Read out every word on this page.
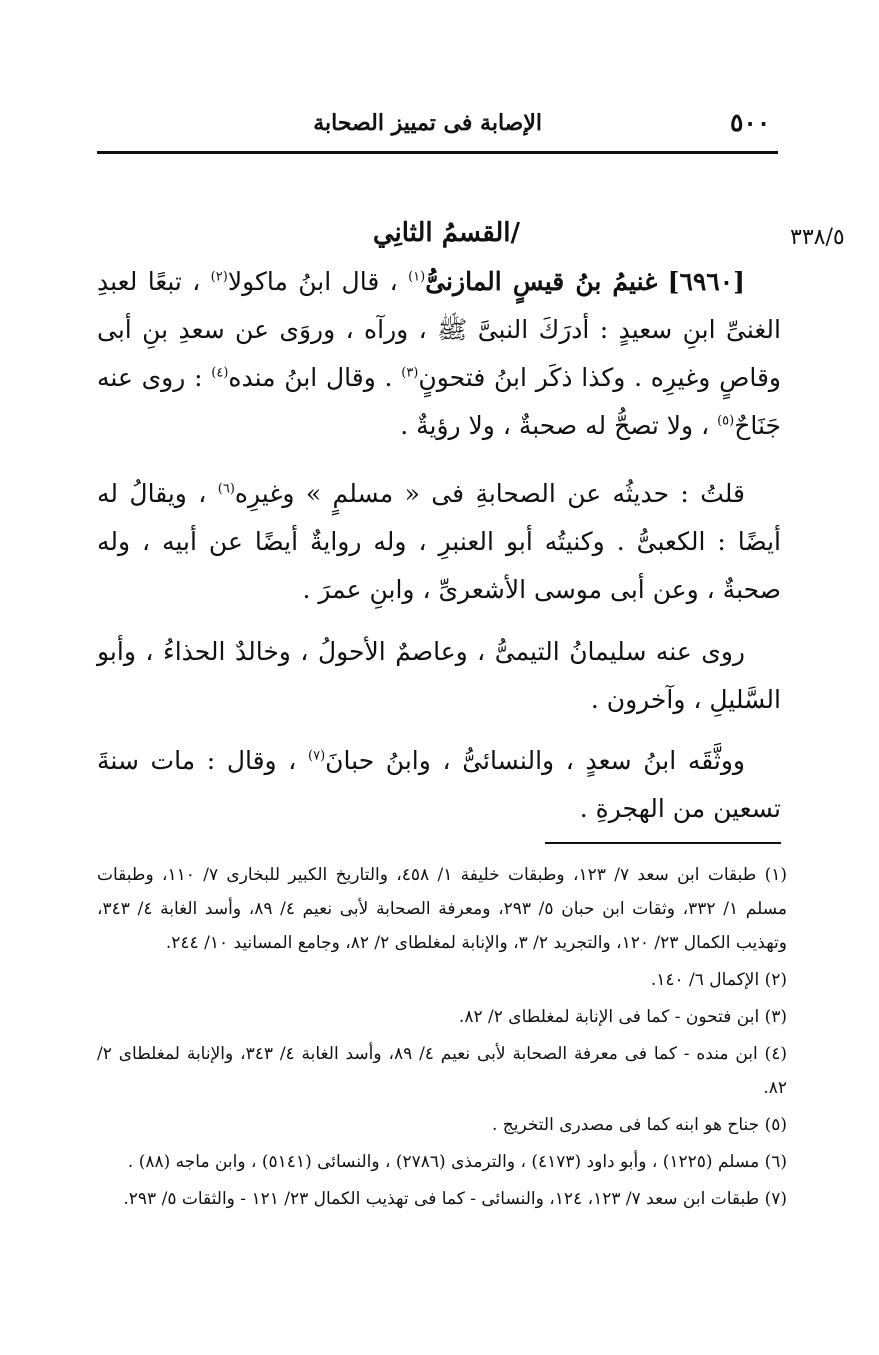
٥٠٠
الإصابة فى تمييز الصحابة
٣٣٨/٥
/القسمُ الثانِي

[٦٩٦٠] غنيمُ بنُ قيسٍ المازنىُّ$^{(١)}$ ، قال ابنُ ماكولا$^{(٢)}$ ، تبعًا لعبدِ الغنىِّ ابنِ سعيدٍ : أدرَكَ النبىَّ ﷺ ، ورآه ، وروَى عن سعدِ بنِ أبى وقاصٍ وغيرِه . وكذا ذكَر ابنُ فتحونٍ$^{(٣)}$ . وقال ابنُ منده$^{(٤)}$ : روى عنه جَنَاحٌ$^{(٥)}$ ، ولا تصحُّ له صحبةٌ ، ولا رؤيةٌ .

قلتُ : حديثُه عن الصحابةِ فى « مسلمٍ » وغيرِه$^{(٦)}$ ، ويقالُ له أيضًا : الكعبىُّ . وكنيتُه أبو العنبرِ ، وله روايةٌ أيضًا عن أبيه ، وله صحبةٌ ، وعن أبى موسى الأشعرىِّ ، وابنِ عمرَ .

روى عنه سليمانُ التيمىُّ ، وعاصمٌ الأحولُ ، وخالدٌ الحذاءُ ، وأبو السَّليلِ ، وآخرون .

ووثَّقَه ابنُ سعدٍ ، والنسائىُّ ، وابنُ حبانَ$^{(٧)}$ ، وقال : مات سنةَ تسعين من الهجرةِ .

(١) طبقات ابن سعد ٧/ ١٢٣، وطبقات خليفة ١/ ٤٥٨، والتاريخ الكبير للبخارى ٧/ ١١٠، وطبقات مسلم ١/ ٣٣٢، وثقات ابن حبان ٥/ ٢٩٣، ومعرفة الصحابة لأبى نعيم ٤/ ٨٩، وأسد الغابة ٤/ ٣٤٣، وتهذيب الكمال ٢٣/ ١٢٠، والتجريد ٢/ ٣، والإنابة لمغلطاى ٢/ ٨٢، وجامع المسانيد ١٠/ ٢٤٤.

(٢) الإكمال ٦/ ١٤٠.

(٣) ابن فتحون - كما فى الإنابة لمغلطاى ٢/ ٨٢.

(٤) ابن منده - كما فى معرفة الصحابة لأبى نعيم ٤/ ٨٩، وأسد الغابة ٤/ ٣٤٣، والإنابة لمغلطاى ٢/ ٨٢.

(٥) جناح هو ابنه كما فى مصدرى التخريج .

(٦) مسلم (١٢٢٥) ، وأبو داود (٤١٧٣) ، والترمذى (٢٧٨٦) ، والنسائى (٥١٤١) ، وابن ماجه (٨٨) .

(٧) طبقات ابن سعد ٧/ ١٢٣، ١٢٤، والنسائى - كما فى تهذيب الكمال ٢٣/ ١٢١ - والثقات ٥/ ٢٩٣.
